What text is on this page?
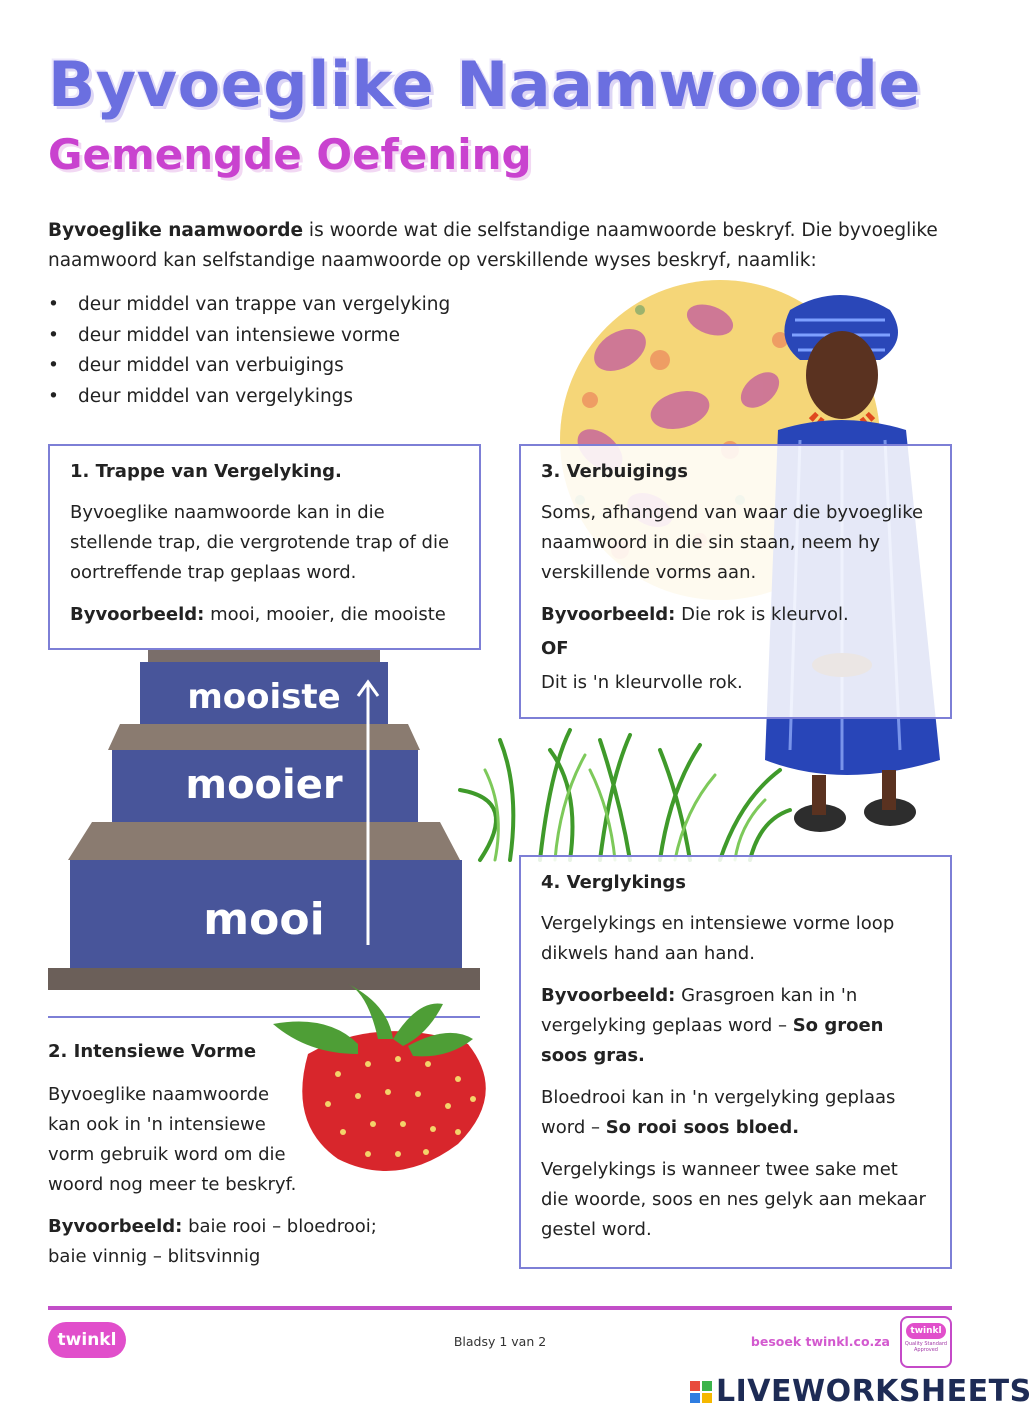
Byvoeglike Naamwoorde
Gemengde Oefening
Byvoeglike naamwoorde is woorde wat die selfstandige naamwoorde beskryf. Die byvoeglike naamwoord kan selfstandige naamwoorde op verskillende wyses beskryf, naamlik:
• deur middel van trappe van vergelyking
• deur middel van intensiewe vorme
• deur middel van verbuigings
• deur middel van vergelykings
1. Trappe van Vergelyking.

Byvoeglike naamwoorde kan in die stellende trap, die vergrotende trap of die oortreffende trap geplaas word.

Byvoorbeeld: mooi, mooier, die mooiste

mooiste
mooier
mooi
2. Intensiewe Vorme

Byvoeglike naamwoorde kan ook in 'n intensiewe vorm gebruik word om die woord nog meer te beskryf.

Byvoorbeeld: baie rooi – bloedrooi;
baie vinnig – blitsvinnig

3. Verbuigings

Soms, afhangend van waar die byvoeglike naamwoord in die sin staan, neem hy verskillende vorms aan.

Byvoorbeeld: Die rok is kleurvol.

OF

Dit is 'n kleurvolle rok.

4. Verglykings

Vergelykings en intensiewe vorme loop dikwels hand aan hand.

Byvoorbeeld: Grasgroen kan in 'n vergelyking geplaas word – So groen soos gras.

Bloedrooi kan in 'n vergelyking geplaas word – So rooi soos bloed.

Vergelykings is wanneer twee sake met die woorde, soos en nes gelyk aan mekaar gestel word.

twinkl	Bladsy 1 van 2	besoek twinkl.co.za
twinkl
Quality Standard Approved
LIVEWORKSHEETS
